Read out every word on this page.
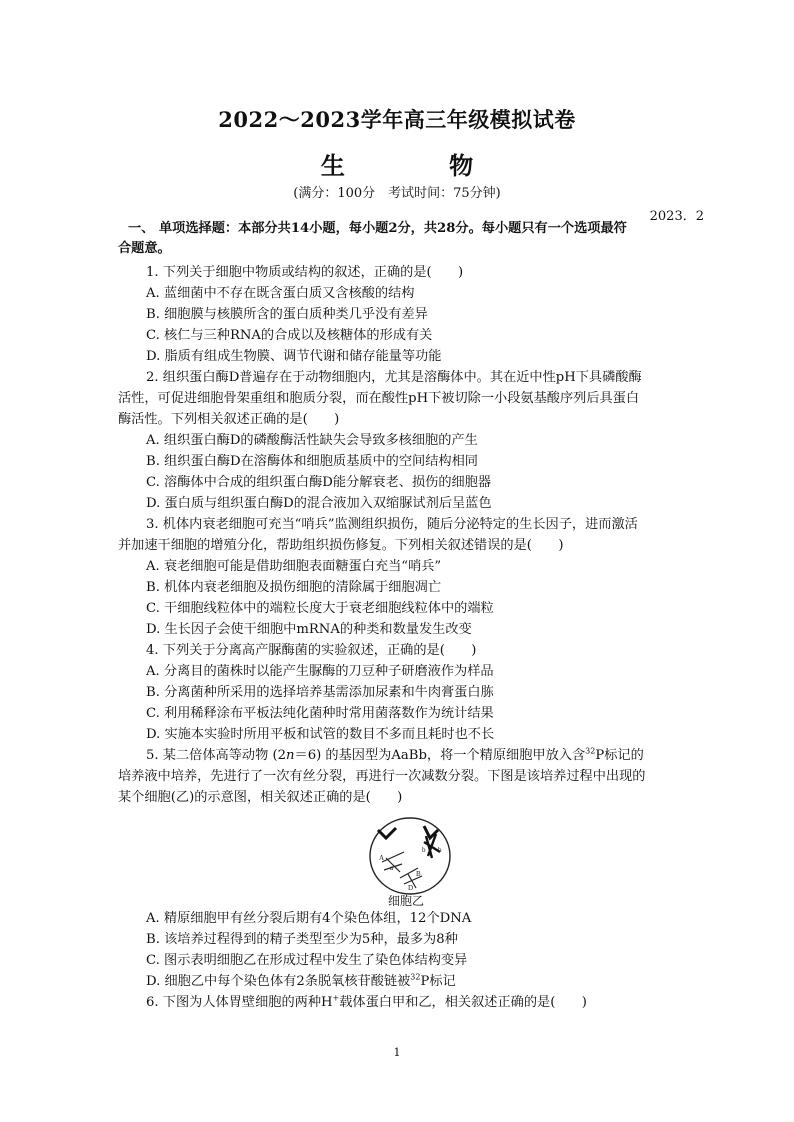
2022～2023学年高三年级模拟试卷
生 物
(满分：100分　考试时间：75分钟)
2023．2
一、 单项选择题：本部分共14小题，每小题2分，共28分。每小题只有一个选项最符
合题意。
1. 下列关于细胞中物质或结构的叙述，正确的是(　　)
A. 蓝细菌中不存在既含蛋白质又含核酸的结构
B. 细胞膜与核膜所含的蛋白质种类几乎没有差异
C. 核仁与三种RNA的合成以及核糖体的形成有关
D. 脂质有组成生物膜、调节代谢和储存能量等功能
2. 组织蛋白酶D普遍存在于动物细胞内，尤其是溶酶体中。其在近中性pH下具磷酸酶
活性，可促进细胞骨架重组和胞质分裂，而在酸性pH下被切除一小段氨基酸序列后具蛋白
酶活性。下列相关叙述正确的是(　　)
A. 组织蛋白酶D的磷酸酶活性缺失会导致多核细胞的产生
B. 组织蛋白酶D在溶酶体和细胞质基质中的空间结构相同
C. 溶酶体中合成的组织蛋白酶D能分解衰老、损伤的细胞器
D. 蛋白质与组织蛋白酶D的混合液加入双缩脲试剂后呈蓝色
3. 机体内衰老细胞可充当“哨兵”监测组织损伤，随后分泌特定的生长因子，进而激活
并加速干细胞的增殖分化，帮助组织损伤修复。下列相关叙述错误的是(　　)
A. 衰老细胞可能是借助细胞表面糖蛋白充当“哨兵”
B. 机体内衰老细胞及损伤细胞的清除属于细胞凋亡
C. 干细胞线粒体中的端粒长度大于衰老细胞线粒体中的端粒
D. 生长因子会使干细胞中mRNA的种类和数量发生改变
4. 下列关于分离高产脲酶菌的实验叙述，正确的是(　　)
A. 分离目的菌株时以能产生脲酶的刀豆种子研磨液作为样品
B. 分离菌种所采用的选择培养基需添加尿素和牛肉膏蛋白胨
C. 利用稀释涂布平板法纯化菌种时常用菌落数作为统计结果
D. 实施本实验时所用平板和试管的数目不多而且耗时也不长
5. 某二倍体高等动物 (2n＝6) 的基因型为AaBb，将一个精原细胞甲放入含$^{32}$P标记的
培养液中培养，先进行了一次有丝分裂，再进行一次减数分裂。下图是该培养过程中出现的
某个细胞(乙)的示意图，相关叙述正确的是(　　)
A
a
b b
B
D
细胞乙
A. 精原细胞甲有丝分裂后期有4个染色体组，12个DNA
B. 该培养过程得到的精子类型至少为5种，最多为8种
C. 图示表明细胞乙在形成过程中发生了染色体结构变异
D. 细胞乙中每个染色体有2条脱氧核苷酸链被$^{32}$P标记
6. 下图为人体胃壁细胞的两种H+载体蛋白甲和乙，相关叙述正确的是(　　)
1
